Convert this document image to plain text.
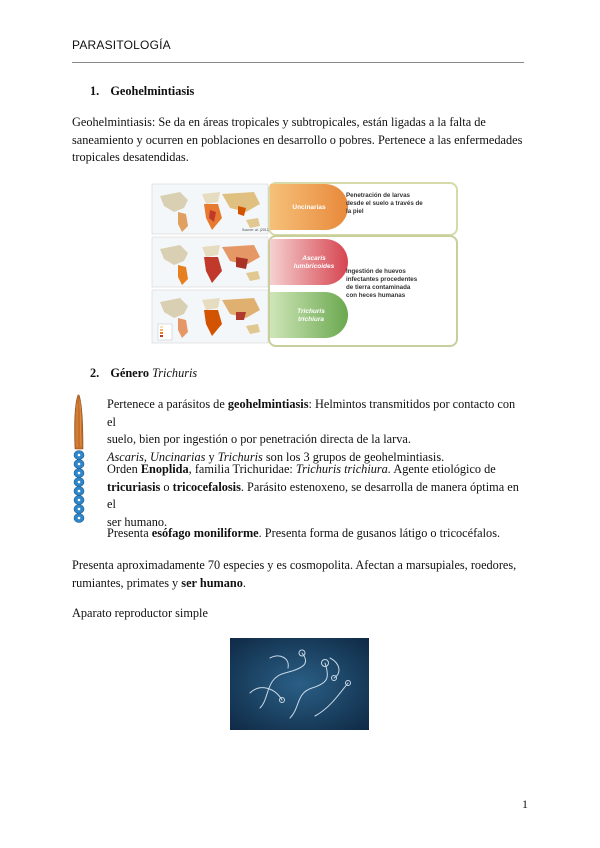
PARASITOLOGÍA
1. Geohelmintiasis
Geohelmintiasis: Se da en áreas tropicales y subtropicales, están ligadas a la falta de
saneamiento y ocurren en poblaciones en desarrollo o pobres. Pertenece a las enfermedades
tropicales desatendidas.
Source: al. (2013)
Uncinarias
Ascaris lumbricoides
Trichuris trichiura
Penetración de larvas
desde el suelo a través de
la piel
Ingestión de huevos
infectantes procedentes
de tierra contaminada
con heces humanas
2. Género Trichuris
Pertenece a parásitos de geohelmintiasis: Helmintos transmitidos por contacto con el
suelo, bien por ingestión o por penetración directa de la larva.
Ascaris, Uncinarias y Trichuris son los 3 grupos de geohelmintiasis.
Orden Enoplida, familia Trichuridae: Trichuris trichiura. Agente etiológico de
tricuriasis o tricocefalosis. Parásito estenoxeno, se desarrolla de manera óptima en el
ser humano.
Presenta esófago moniliforme. Presenta forma de gusanos látigo o tricocéfalos.
Presenta aproximadamente 70 especies y es cosmopolita. Afectan a marsupiales, roedores,
rumiantes, primates y ser humano.
Aparato reproductor simple
1
